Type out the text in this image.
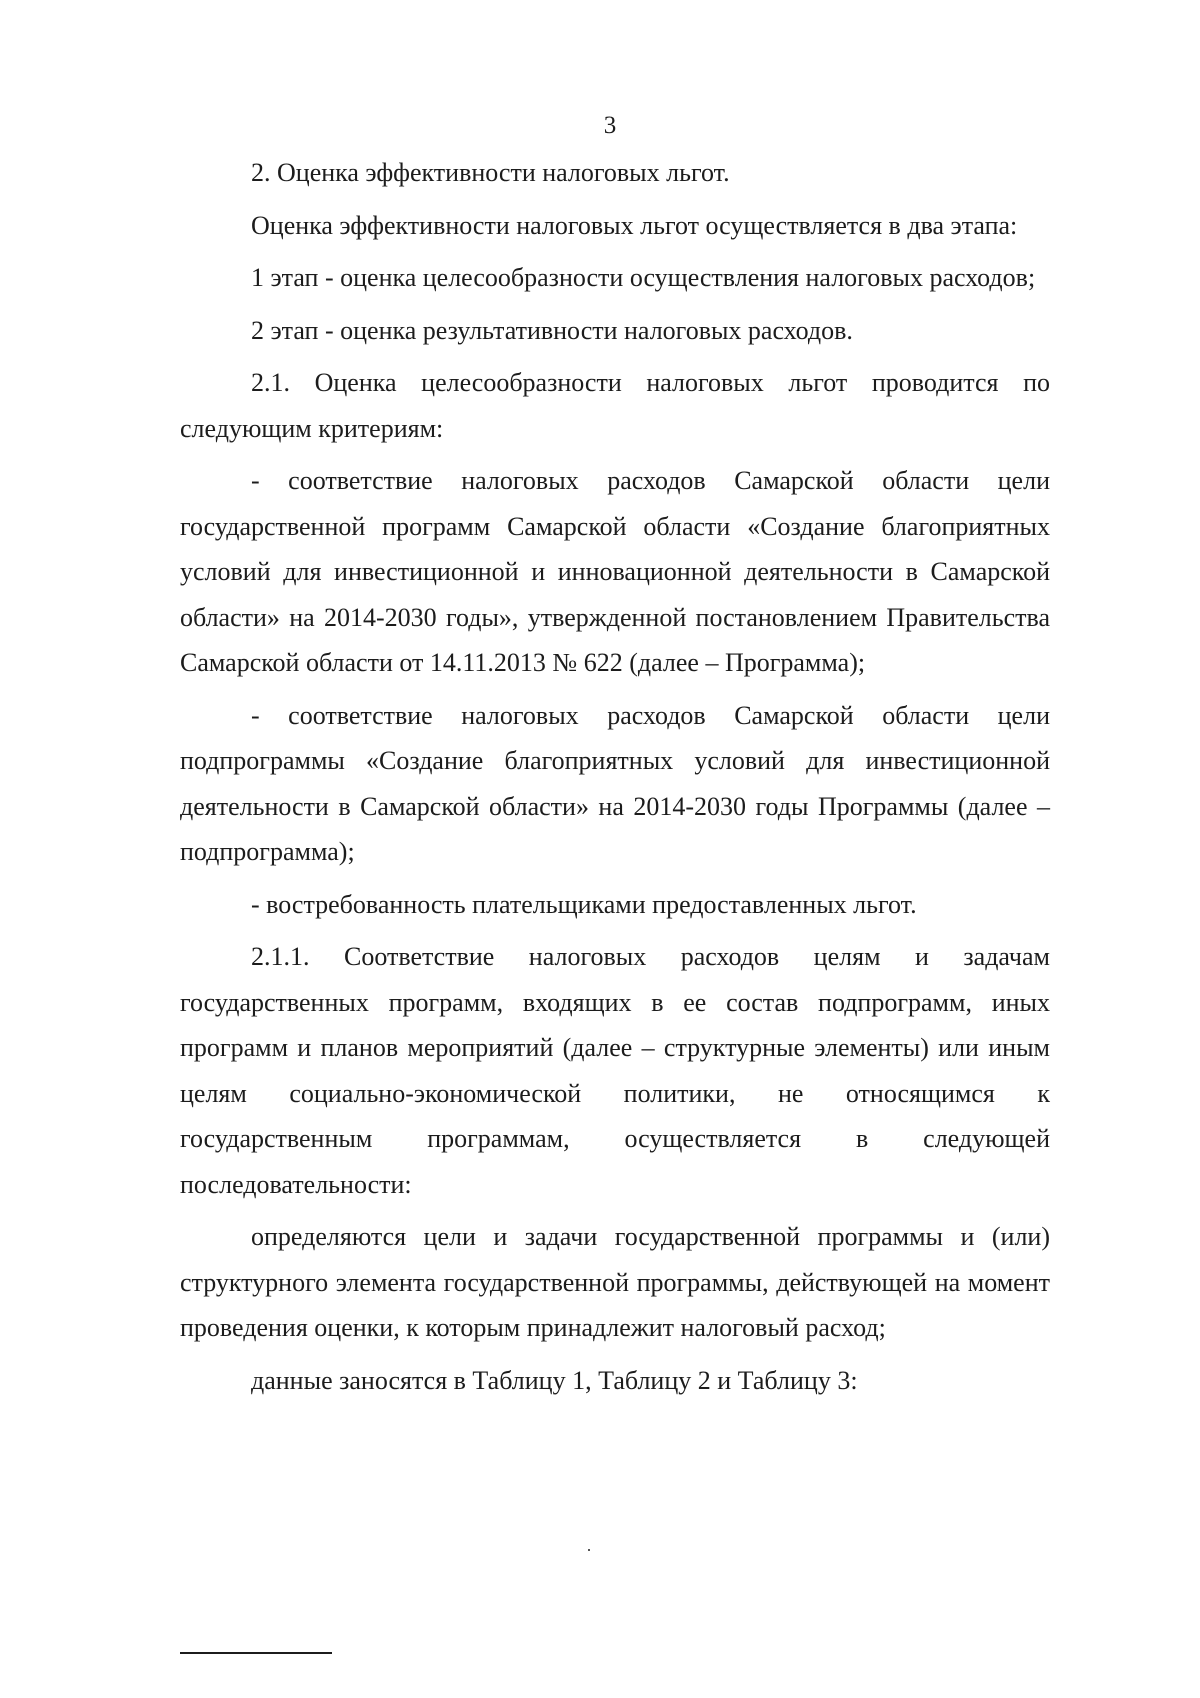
3

2. Оценка эффективности налоговых льгот.

Оценка эффективности налоговых льгот осуществляется в два этапа:

1 этап - оценка целесообразности осуществления налоговых расходов;

2 этап - оценка результативности налоговых расходов.

2.1. Оценка целесообразности налоговых льгот проводится по следующим критериям:

- соответствие налоговых расходов Самарской области цели государственной программ Самарской области «Создание благоприятных условий для инвестиционной и инновационной деятельности в Самарской области» на 2014-2030 годы», утвержденной постановлением Правительства Самарской области от 14.11.2013 № 622 (далее – Программа);

- соответствие налоговых расходов Самарской области цели подпрограммы «Создание благоприятных условий для инвестиционной деятельности в Самарской области» на 2014-2030 годы Программы (далее – подпрограмма);

- востребованность плательщиками предоставленных льгот.

2.1.1. Соответствие налоговых расходов целям и задачам государственных программ, входящих в ее состав подпрограмм, иных программ и планов мероприятий (далее – структурные элементы) или иным целям социально-экономической политики, не относящимся к государственным программам, осуществляется в следующей последовательности:

определяются цели и задачи государственной программы и (или) структурного элемента государственной программы, действующей на момент проведения оценки, к которым принадлежит налоговый расход;

данные заносятся в Таблицу 1, Таблицу 2 и Таблицу 3:
